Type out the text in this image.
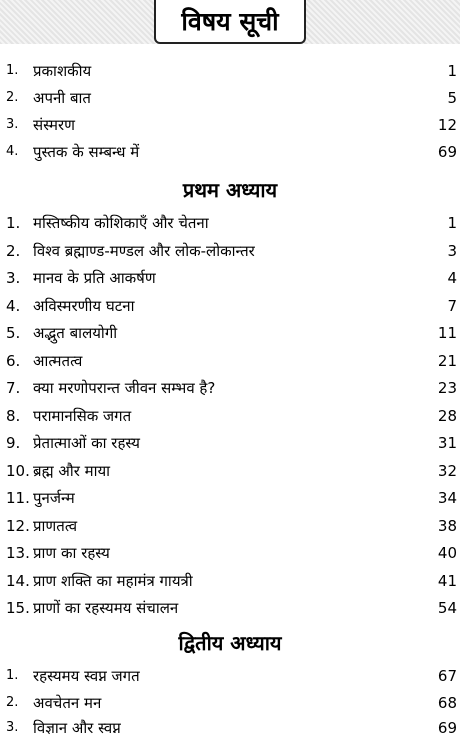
विषय सूची
1. प्रकाशकीय	1
2. अपनी बात	5
3. संस्मरण	12
4. पुस्तक के सम्बन्ध में	69
प्रथम अध्याय
1. मस्तिष्कीय कोशिकाएँ और चेतना	1
2. विश्व ब्रह्माण्ड-मण्डल और लोक-लोकान्तर	3
3. मानव के प्रति आकर्षण	4
4. अविस्मरणीय घटना	7
5. अद्भुत बालयोगी	11
6. आत्मतत्व	21
7. क्या मरणोपरान्त जीवन सम्भव है?	23
8. परामानसिक जगत	28
9. प्रेतात्माओं का रहस्य	31
10. ब्रह्म और माया	32
11. पुनर्जन्म	34
12. प्राणतत्व	38
13. प्राण का रहस्य	40
14. प्राण शक्ति का महामंत्र गायत्री	41
15. प्राणों का रहस्यमय संचालन	54
द्वितीय अध्याय
1. रहस्यमय स्वप्न जगत	67
2. अवचेतन मन	68
3. विज्ञान और स्वप्न	69
